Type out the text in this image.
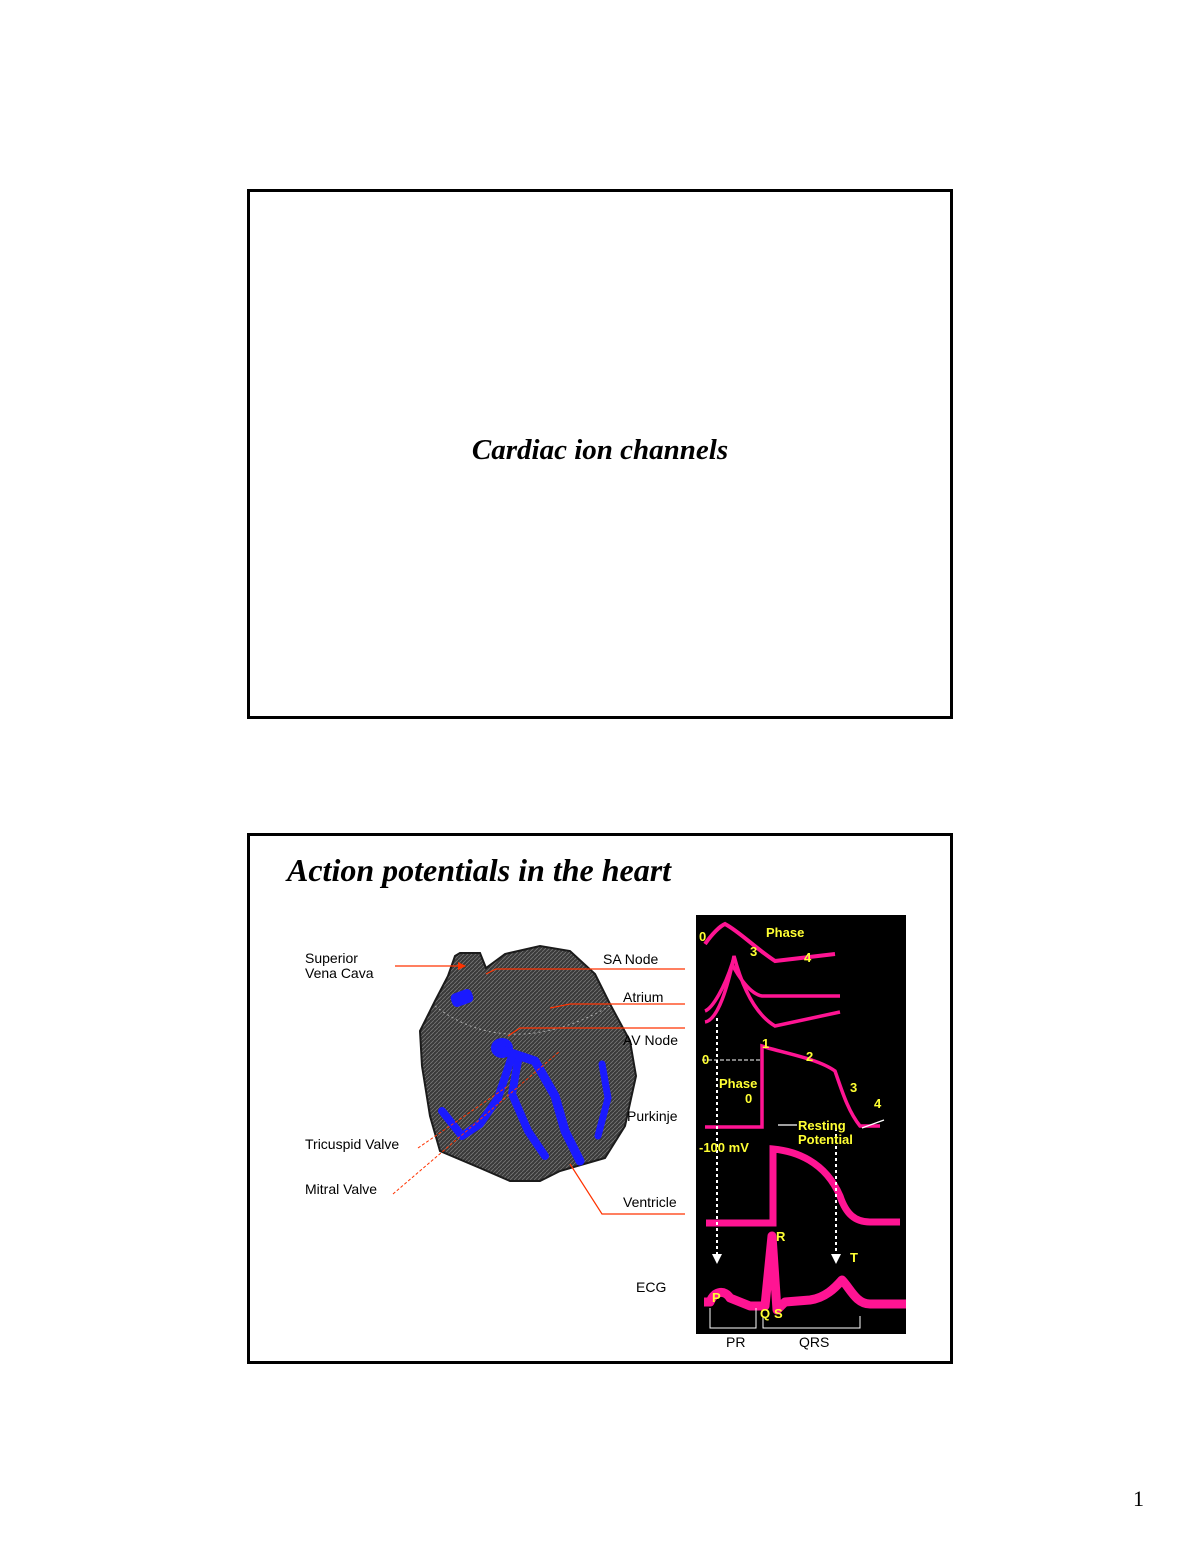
Cardiac ion channels
Action potentials in the heart
Superior
Vena Cava
Tricuspid Valve
Mitral Valve
SA Node
Atrium
AV Node
Purkinje
Ventricle
ECG
Phase
0
3	4
0
1
2
Phase
0
3
4
Resting
Potential
-100 mV
R
T
P
Q S
PR	QRS
1
